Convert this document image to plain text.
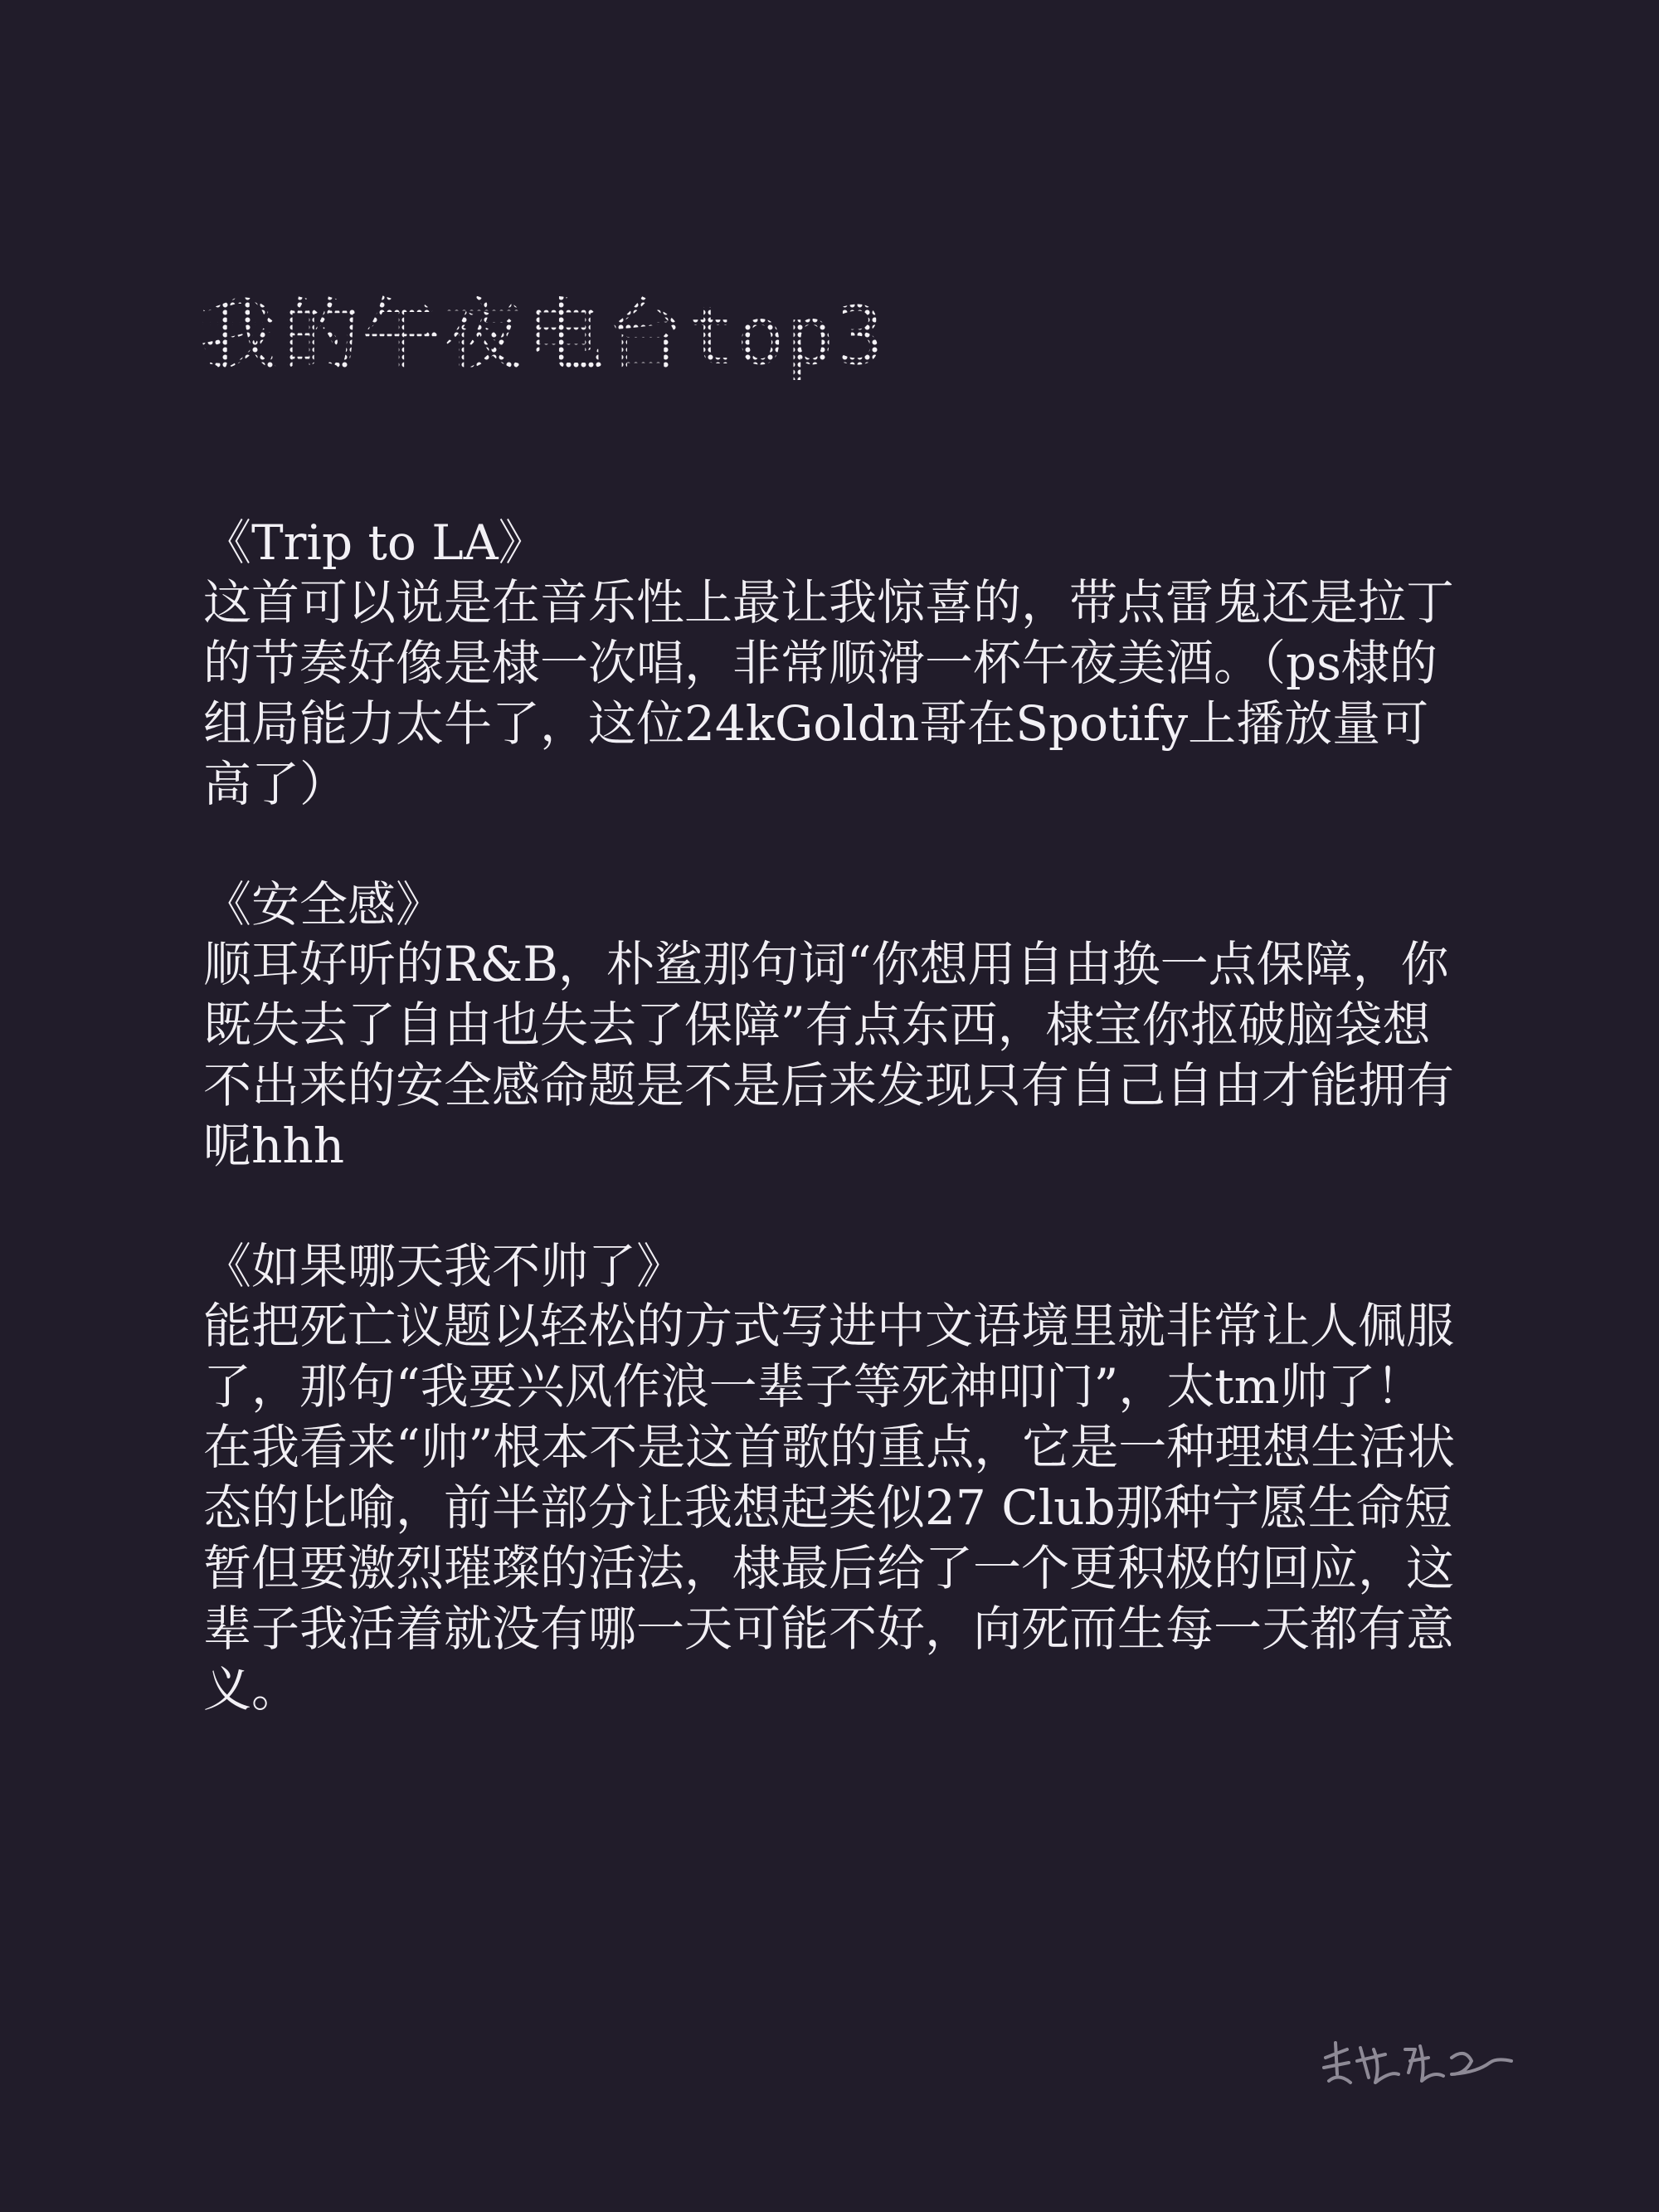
我的午夜电台top3

《Trip to LA》

这首可以说是在音乐性上最让我惊喜的，带点雷鬼还是拉丁的节奏好像是棣一次唱，非常顺滑一杯午夜美酒。（ps棣的组局能力太牛了，这位24kGoldn哥在Spotify上播放量可高了）

《安全感》

顺耳好听的R&B，朴鲨那句词“你想用自由换一点保障，你既失去了自由也失去了保障”有点东西，棣宝你抠破脑袋想不出来的安全感命题是不是后来发现只有自己自由才能拥有呢hhh

《如果哪天我不帅了》

能把死亡议题以轻松的方式写进中文语境里就非常让人佩服了，那句“我要兴风作浪一辈子等死神叩门”，太tm帅了！在我看来“帅”根本不是这首歌的重点，它是一种理想生活状态的比喻，前半部分让我想起类似27 Club那种宁愿生命短暂但要激烈璀璨的活法，棣最后给了一个更积极的回应，这辈子我活着就没有哪一天可能不好，向死而生每一天都有意义。
